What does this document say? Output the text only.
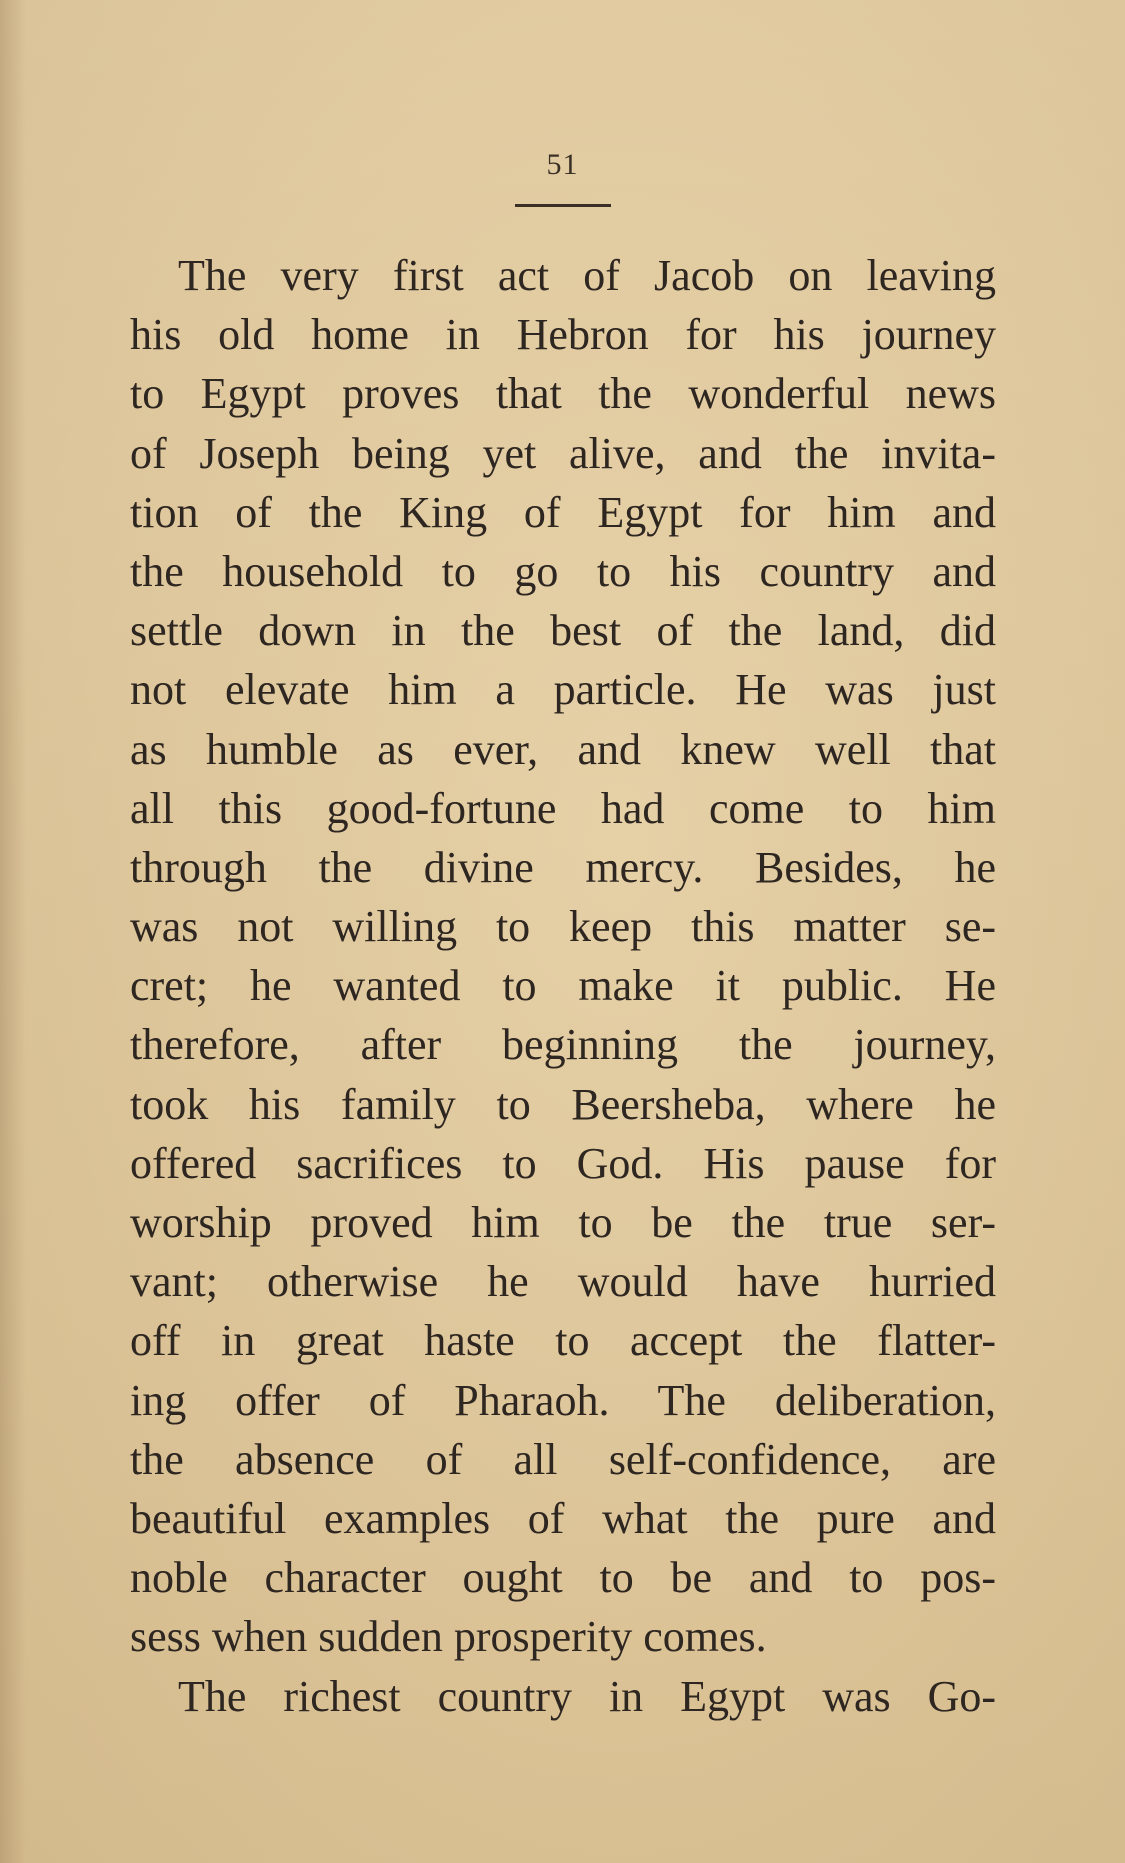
51
The very first act of Jacob on leaving
his old home in Hebron for his journey
to Egypt proves that the wonderful news
of Joseph being yet alive, and the invita-
tion of the King of Egypt for him and
the household to go to his country and
settle down in the best of the land, did
not elevate him a particle. He was just
as humble as ever, and knew well that
all this good-fortune had come to him
through the divine mercy. Besides, he
was not willing to keep this matter se-
cret; he wanted to make it public. He
therefore, after beginning the journey,
took his family to Beersheba, where he
offered sacrifices to God. His pause for
worship proved him to be the true ser-
vant; otherwise he would have hurried
off in great haste to accept the flatter-
ing offer of Pharaoh. The deliberation,
the absence of all self-confidence, are
beautiful examples of what the pure and
noble character ought to be and to pos-
sess when sudden prosperity comes.
The richest country in Egypt was Go-
